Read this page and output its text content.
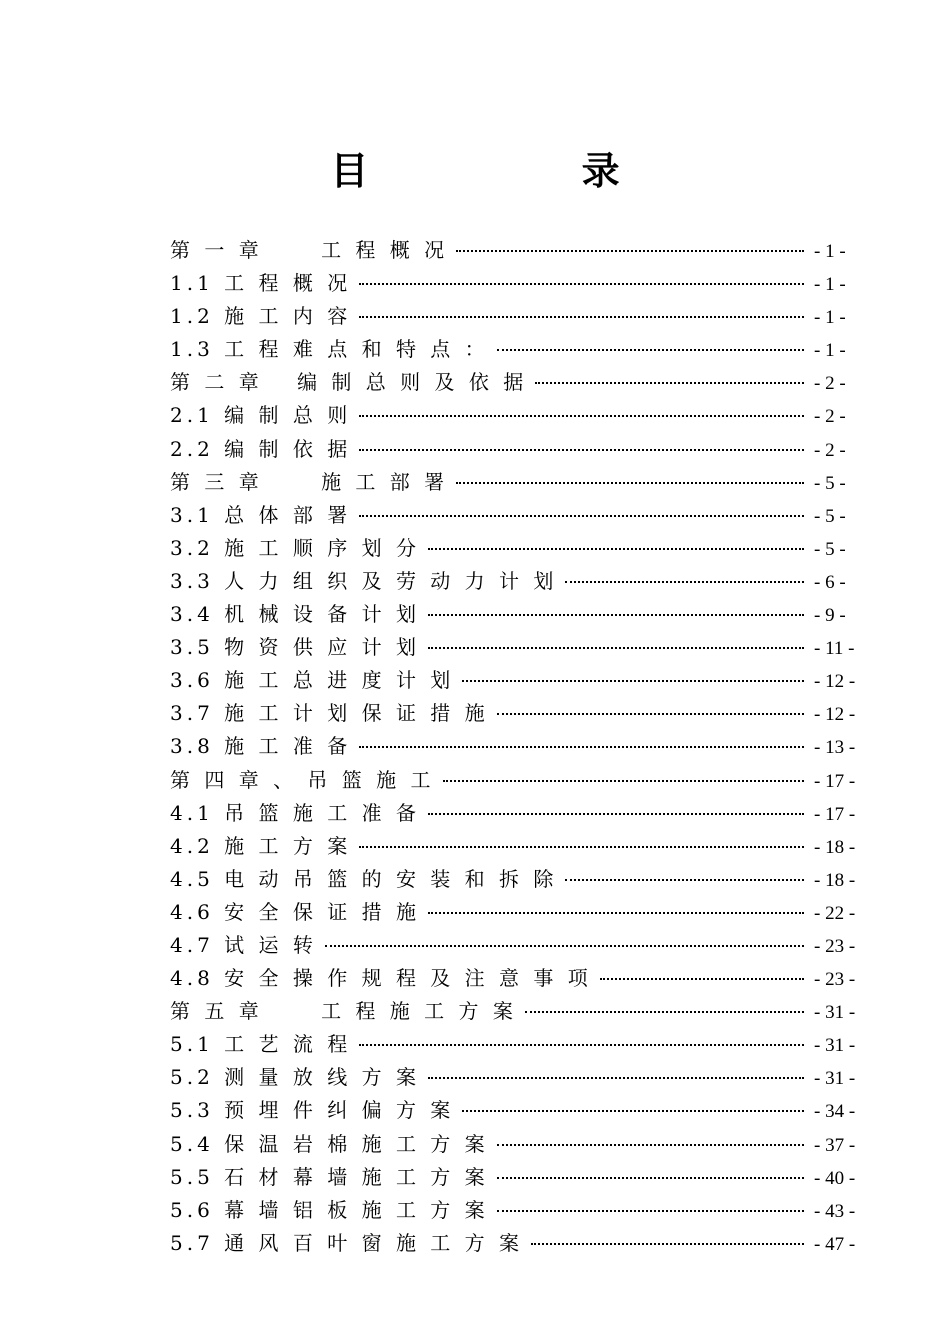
目 录
第 一 章 　　工 程 概 况	- 1 -
1.1 工 程 概 况	- 1 -
1.2 施 工 内 容	- 1 -
1.3 工 程 难 点 和 特 点 ：	- 1 -
第 二 章 　编 制 总 则 及 依 据	- 2 -
2.1 编 制 总 则	- 2 -
2.2 编 制 依 据	- 2 -
第 三 章 　　施 工 部 署	- 5 -
3.1 总 体 部 署	- 5 -
3.2 施 工 顺 序 划 分	- 5 -
3.3 人 力 组 织 及 劳 动 力 计 划	- 6 -
3.4 机 械 设 备 计 划	- 9 -
3.5 物 资 供 应 计 划	- 11 -
3.6 施 工 总 进 度 计 划	- 12 -
3.7 施 工 计 划 保 证 措 施	- 12 -
3.8 施 工 准 备	- 13 -
第 四 章 、 吊 篮 施 工	- 17 -
4.1 吊 篮 施 工 准 备	- 17 -
4.2 施 工 方 案	- 18 -
4.5 电 动 吊 篮 的 安 装 和 拆 除	- 18 -
4.6 安 全 保 证 措 施	- 22 -
4.7 试 运 转	- 23 -
4.8 安 全 操 作 规 程 及 注 意 事 项	- 23 -
第 五 章 　　工 程 施 工 方 案	- 31 -
5.1 工 艺 流 程	- 31 -
5.2 测 量 放 线 方 案	- 31 -
5.3 预 埋 件 纠 偏 方 案	- 34 -
5.4 保 温 岩 棉 施 工 方 案	- 37 -
5.5 石 材 幕 墙 施 工 方 案	- 40 -
5.6 幕 墙 铝 板 施 工 方 案	- 43 -
5.7 通 风 百 叶 窗 施 工 方 案	- 47 -
